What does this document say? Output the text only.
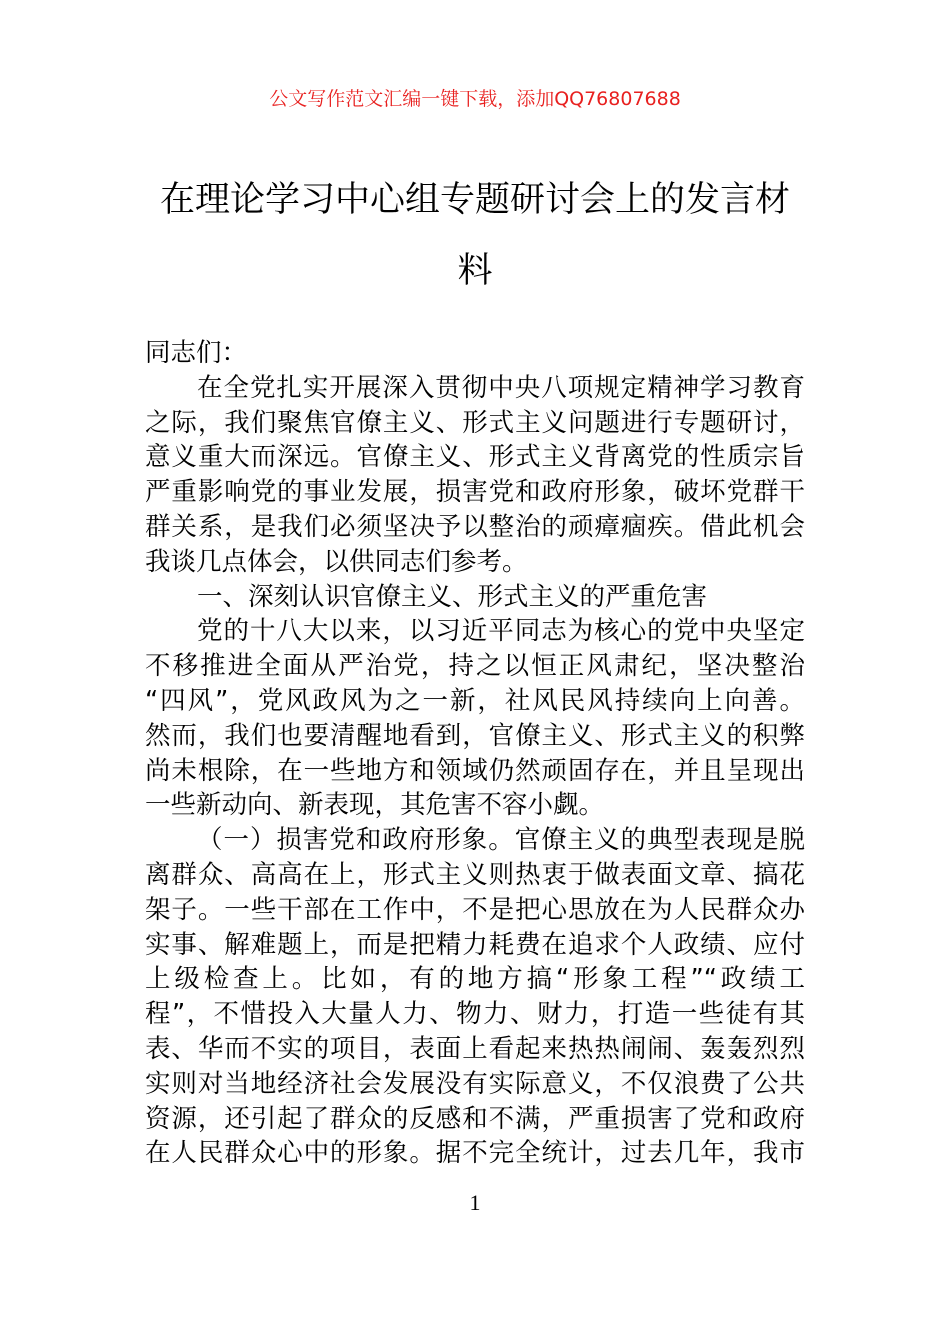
公文写作范文汇编一键下载，添加QQ76807688
在理论学习中心组专题研讨会上的发言材
料
同志们：
在全党扎实开展深入贯彻中央八项规定精神学习教育
之际，我们聚焦官僚主义、形式主义问题进行专题研讨，
意义重大而深远。官僚主义、形式主义背离党的性质宗旨
严重影响党的事业发展，损害党和政府形象，破坏党群干
群关系，是我们必须坚决予以整治的顽瘴痼疾。借此机会
我谈几点体会，以供同志们参考。
一、深刻认识官僚主义、形式主义的严重危害
党的十八大以来，以习近平同志为核心的党中央坚定
不移推进全面从严治党，持之以恒正风肃纪，坚决整治
“四风”，党风政风为之一新，社风民风持续向上向善。
然而，我们也要清醒地看到，官僚主义、形式主义的积弊
尚未根除，在一些地方和领域仍然顽固存在，并且呈现出
一些新动向、新表现，其危害不容小觑。
（一）损害党和政府形象。官僚主义的典型表现是脱
离群众、高高在上，形式主义则热衷于做表面文章、搞花
架子。一些干部在工作中，不是把心思放在为人民群众办
实事、解难题上，而是把精力耗费在追求个人政绩、应付
上级检查上。比如，有的地方搞“形象工程”“政绩工
程”，不惜投入大量人力、物力、财力，打造一些徒有其
表、华而不实的项目，表面上看起来热热闹闹、轰轰烈烈
实则对当地经济社会发展没有实际意义，不仅浪费了公共
资源，还引起了群众的反感和不满，严重损害了党和政府
在人民群众心中的形象。据不完全统计，过去几年，我市
1
